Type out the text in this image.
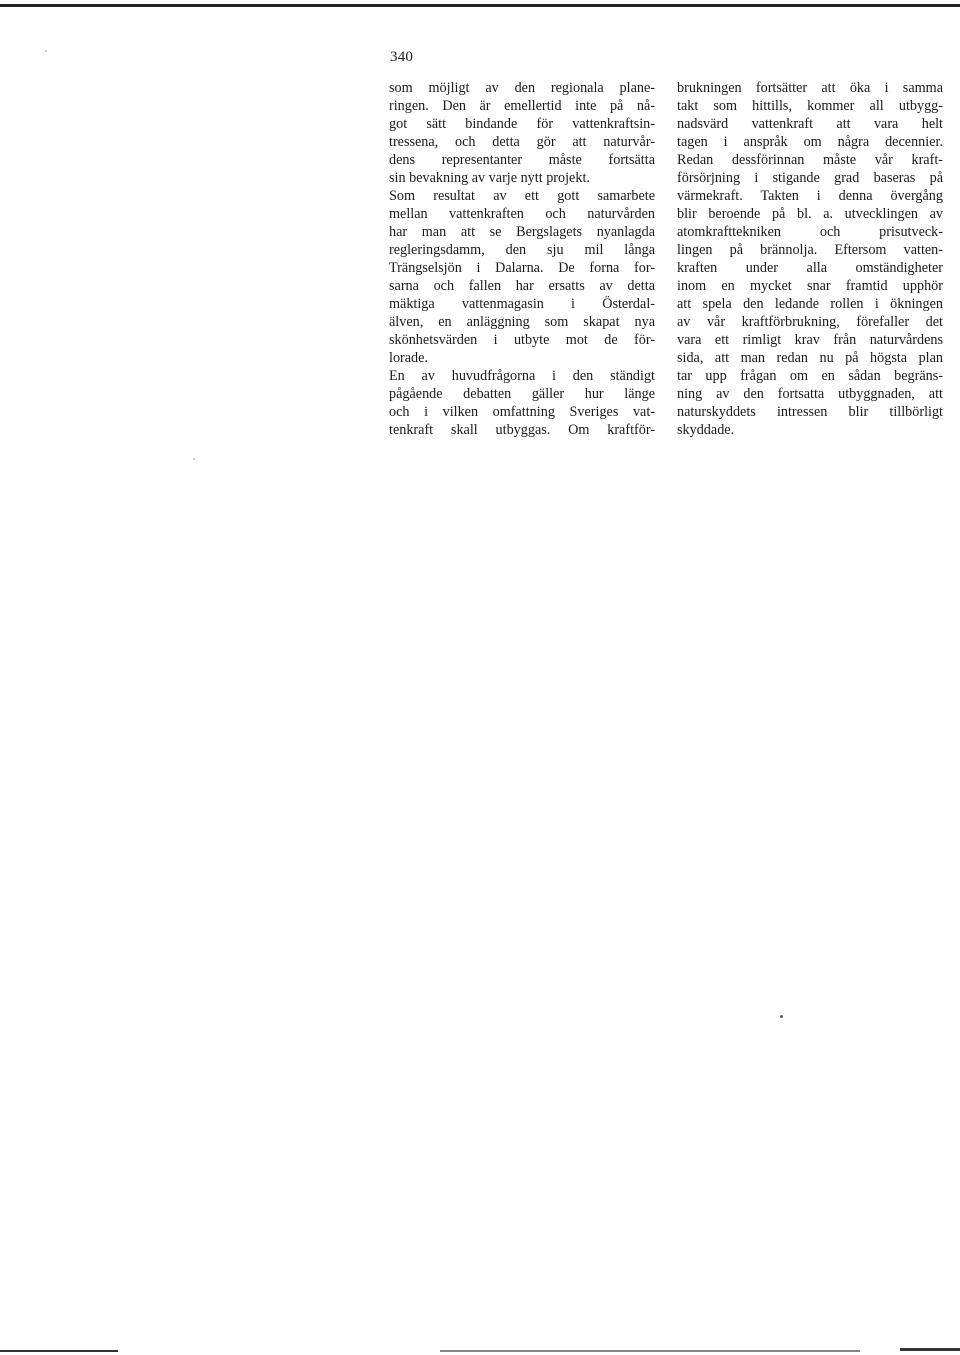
340
som möjligt av den regionala plane-
ringen. Den är emellertid inte på nå-
got sätt bindande för vattenkraftsin-
tressena, och detta gör att naturvår-
dens representanter måste fortsätta
sin bevakning av varje nytt projekt.
Som resultat av ett gott samarbete
mellan vattenkraften och naturvården
har man att se Bergslagets nyanlagda
regleringsdamm, den sju mil långa
Trängselsjön i Dalarna. De forna for-
sarna och fallen har ersatts av detta
mäktiga vattenmagasin i Österdal-
älven, en anläggning som skapat nya
skönhetsvärden i utbyte mot de för-
lorade.
En av huvudfrågorna i den ständigt
pågående debatten gäller hur länge
och i vilken omfattning Sveriges vat-
tenkraft skall utbyggas. Om kraftför-
brukningen fortsätter att öka i samma
takt som hittills, kommer all utbygg-
nadsvärd vattenkraft att vara helt
tagen i anspråk om några decennier.
Redan dessförinnan måste vår kraft-
försörjning i stigande grad baseras på
värmekraft. Takten i denna övergång
blir beroende på bl. a. utvecklingen av
atomkrafttekniken och prisutveck-
lingen på brännolja. Eftersom vatten-
kraften under alla omständigheter
inom en mycket snar framtid upphör
att spela den ledande rollen i ökningen
av vår kraftförbrukning, förefaller det
vara ett rimligt krav från naturvårdens
sida, att man redan nu på högsta plan
tar upp frågan om en sådan begräns-
ning av den fortsatta utbyggnaden, att
naturskyddets intressen blir tillbörligt
skyddade.
